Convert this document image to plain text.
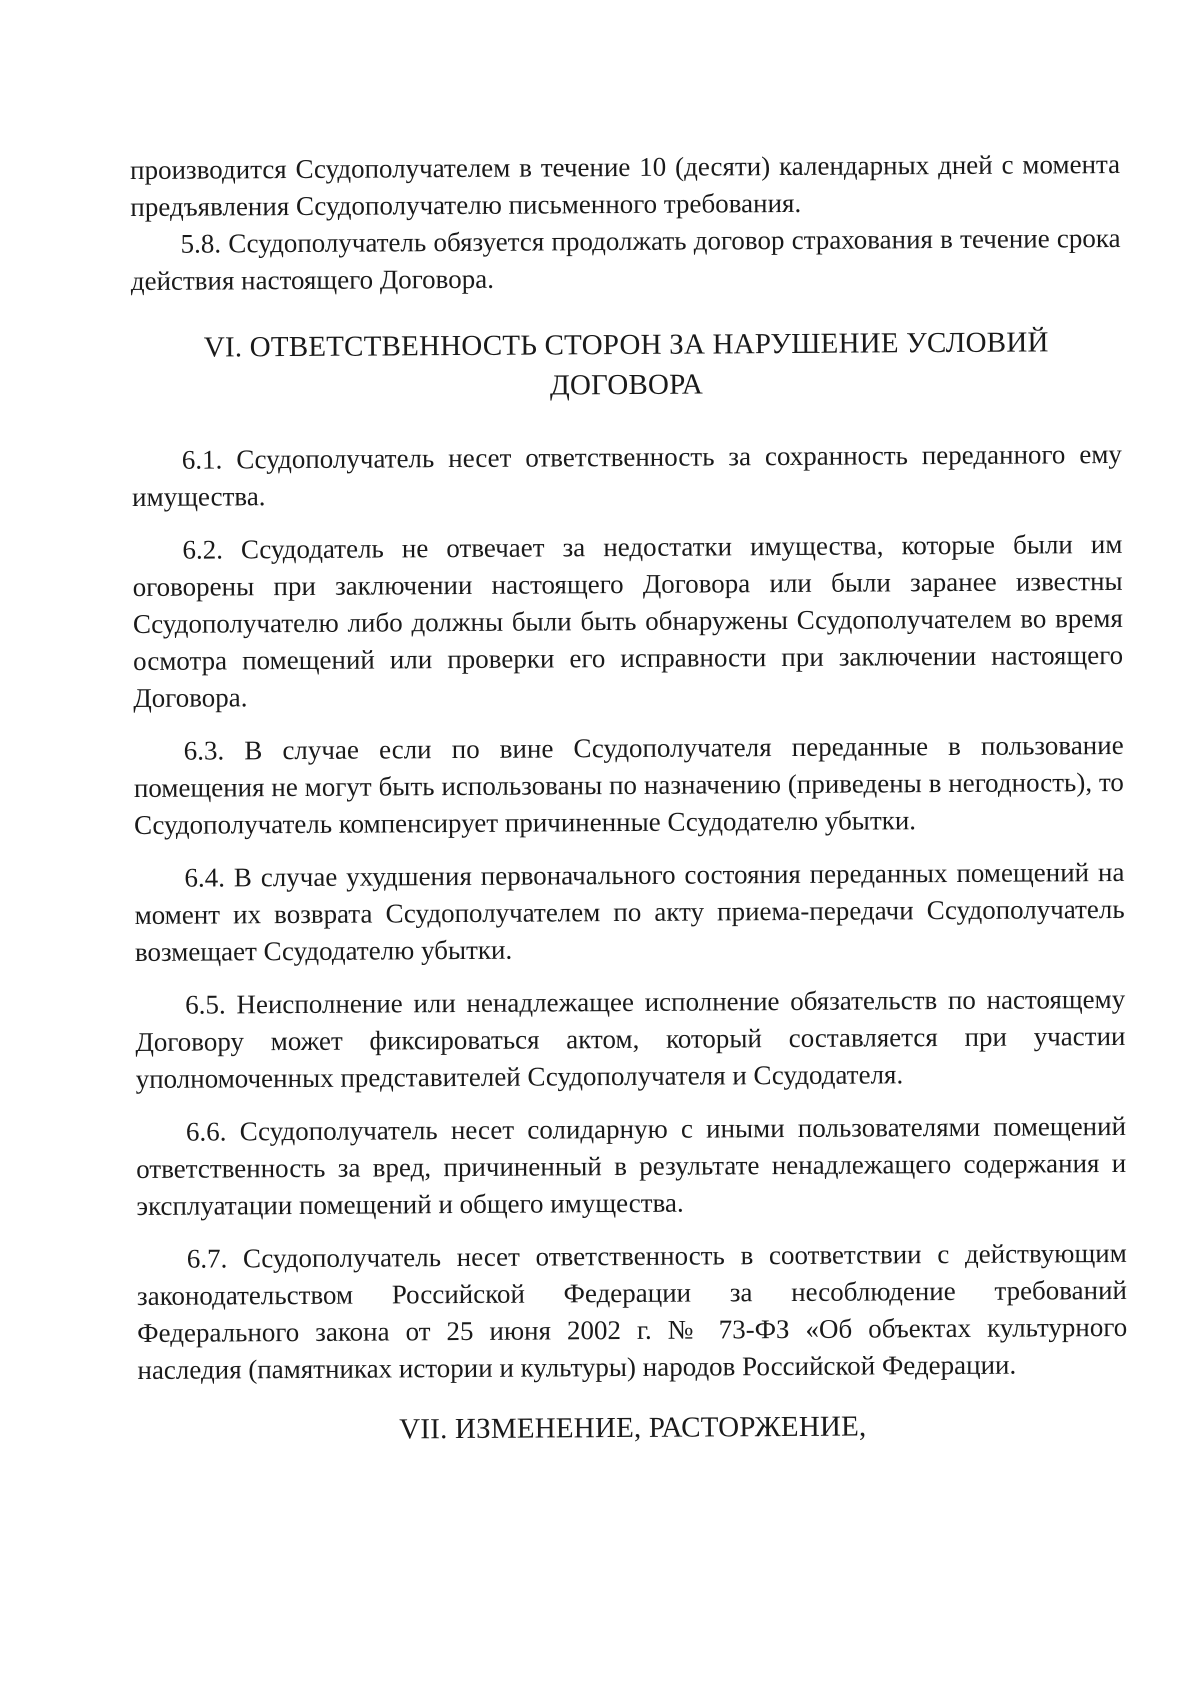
производится Ссудополучателем в течение 10 (десяти) календарных дней с момента предъявления Ссудополучателю письменного требования.

5.8. Ссудополучатель обязуется продолжать договор страхования в течение срока действия настоящего Договора.

VI. ОТВЕТСТВЕННОСТЬ СТОРОН ЗА НАРУШЕНИЕ УСЛОВИЙ
ДОГОВОРА

6.1. Ссудополучатель несет ответственность за сохранность переданного ему имущества.

6.2. Ссудодатель не отвечает за недостатки имущества, которые были им оговорены при заключении настоящего Договора или были заранее известны Ссудополучателю либо должны были быть обнаружены Ссудополучателем во время осмотра помещений или проверки его исправности при заключении настоящего Договора.

6.3. В случае если по вине Ссудополучателя переданные в пользование помещения не могут быть использованы по назначению (приведены в негодность), то Ссудополучатель компенсирует причиненные Ссудодателю убытки.

6.4. В случае ухудшения первоначального состояния переданных помещений на момент их возврата Ссудополучателем по акту приема-передачи Ссудополучатель возмещает Ссудодателю убытки.

6.5. Неисполнение или ненадлежащее исполнение обязательств по настоящему Договору может фиксироваться актом, который составляется при участии уполномоченных представителей Ссудополучателя и Ссудодателя.

6.6. Ссудополучатель несет солидарную с иными пользователями помещений ответственность за вред, причиненный в результате ненадлежащего содержания и эксплуатации помещений и общего имущества.

6.7. Ссудополучатель несет ответственность в соответствии с действующим законодательством Российской Федерации за несоблюдение требований Федерального закона от 25 июня 2002 г. № 73-ФЗ «Об объектах культурного наследия (памятниках истории и культуры) народов Российской Федерации.

VII. ИЗМЕНЕНИЕ, РАСТОРЖЕНИЕ,
